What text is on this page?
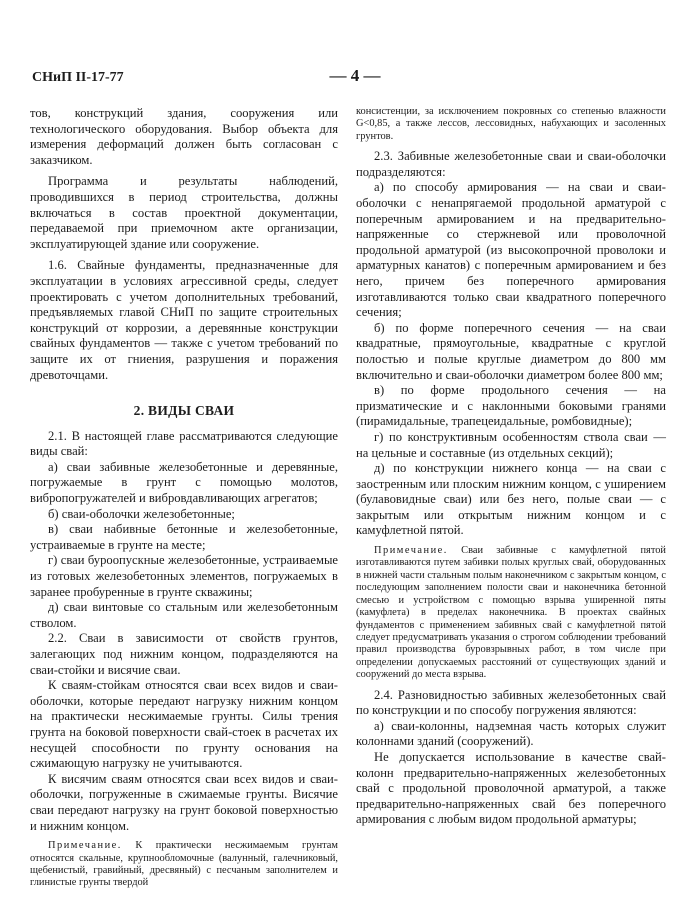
СНиП II-17-77	— 4 —

тов, конструкций здания, сооружения или технологического оборудования. Выбор объекта для измерения деформаций должен быть согласован с заказчиком.

Программа и результаты наблюдений, проводившихся в период строительства, должны включаться в состав проектной документации, передаваемой при приемочном акте организации, эксплуатирующей здание или сооружение.

1.6. Свайные фундаменты, предназначенные для эксплуатации в условиях агрессивной среды, следует проектировать с учетом дополнительных требований, предъявляемых главой СНиП по защите строительных конструкций от коррозии, а деревянные конструкции свайных фундаментов — также с учетом требований по защите их от гниения, разрушения и поражения древоточцами.

2. ВИДЫ СВАИ

2.1. В настоящей главе рассматриваются следующие виды свай:

а) сваи забивные железобетонные и деревянные, погружаемые в грунт с помощью молотов, вибропогружателей и вибровдавливающих агрегатов;

б) сваи-оболочки железобетонные;

в) сваи набивные бетонные и железобетонные, устраиваемые в грунте на месте;

г) сваи буроопускные железобетонные, устраиваемые из готовых железобетонных элементов, погружаемых в заранее пробуренные в грунте скважины;

д) сваи винтовые со стальным или железобетонным стволом.

2.2. Сваи в зависимости от свойств грунтов, залегающих под нижним концом, подразделяются на сваи-стойки и висячие сваи.

К сваям-стойкам относятся сваи всех видов и сваи-оболочки, которые передают нагрузку нижним концом на практически несжимаемые грунты. Силы трения грунта на боковой поверхности свай-стоек в расчетах их несущей способности по грунту основания на сжимающую нагрузку не учитываются.

К висячим сваям относятся сваи всех видов и сваи-оболочки, погруженные в сжимаемые грунты. Висячие сваи передают нагрузку на грунт боковой поверхностью и нижним концом.

Примечание. К практически несжимаемым грунтам относятся скальные, крупнообломочные (валунный, галечниковый, щебенистый, гравийный, дресвяный) с песчаным заполнителем и глинистые грунты твердой

консистенции, за исключением покровных со степенью влажности G<0,85, а также лессов, лессовидных, набухающих и засоленных грунтов.

2.3. Забивные железобетонные сваи и сваи-оболочки подразделяются:

а) по способу армирования — на сваи и сваи-оболочки с ненапрягаемой продольной арматурой с поперечным армированием и на предварительно-напряженные со стержневой или проволочной продольной арматурой (из высокопрочной проволоки и арматурных канатов) с поперечным армированием и без него, причем без поперечного армирования изготавливаются только сваи квадратного поперечного сечения;

б) по форме поперечного сечения — на сваи квадратные, прямоугольные, квадратные с круглой полостью и полые круглые диаметром до 800 мм включительно и сваи-оболочки диаметром более 800 мм;

в) по форме продольного сечения — на призматические и с наклонными боковыми гранями (пирамидальные, трапецеидальные, ромбовидные);

г) по конструктивным особенностям ствола сваи — на цельные и составные (из отдельных секций);

д) по конструкции нижнего конца — на сваи с заостренным или плоским нижним концом, с уширением (булавовидные сваи) или без него, полые сваи — с закрытым или открытым нижним концом и с камуфлетной пятой.

Примечание. Сваи забивные с камуфлетной пятой изготавливаются путем забивки полых круглых свай, оборудованных в нижней части стальным полым наконечником с закрытым концом, с последующим заполнением полости сваи и наконечника бетонной смесью и устройством с помощью взрыва уширенной пяты (камуфлета) в пределах наконечника. В проектах свайных фундаментов с применением забивных свай с камуфлетной пятой следует предусматривать указания о строгом соблюдении требований правил производства буровзрывных работ, в том числе при определении допускаемых расстояний от существующих зданий и сооружений до места взрыва.

2.4. Разновидностью забивных железобетонных свай по конструкции и по способу погружения являются:

а) сваи-колонны, надземная часть которых служит колоннами зданий (сооружений).

Не допускается использование в качестве свай-колонн предварительно-напряженных железобетонных свай с продольной проволочной арматурой, а также предварительно-напряженных свай без поперечного армирования с любым видом продольной арматуры;
